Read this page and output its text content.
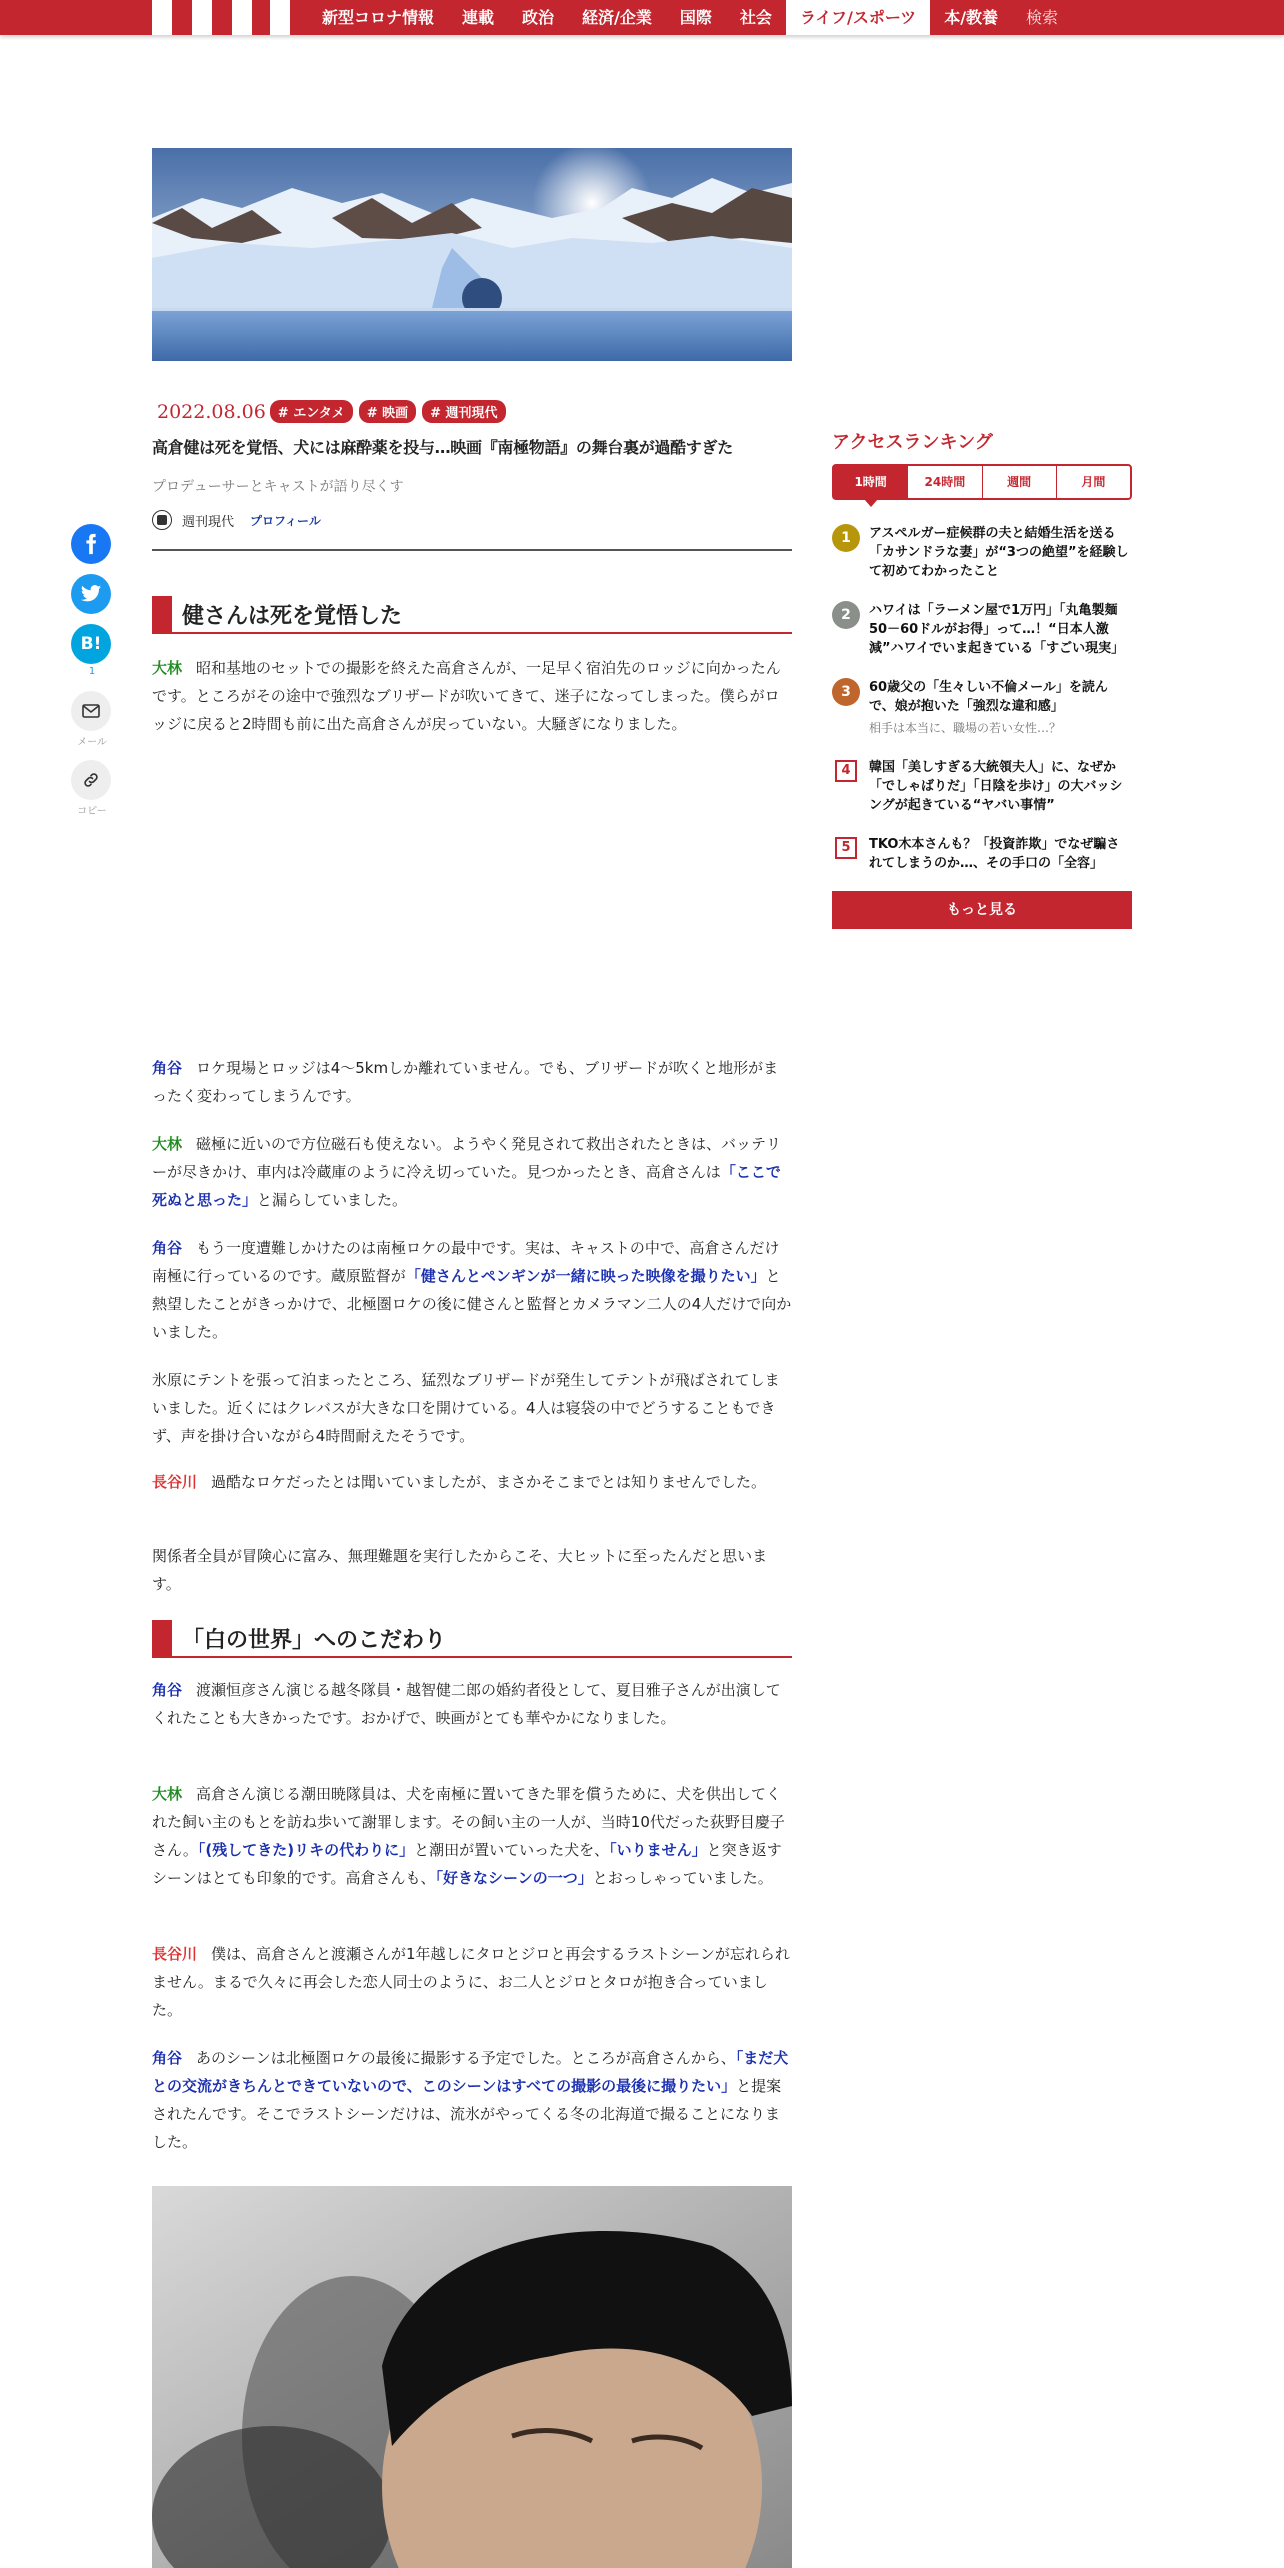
新型コロナ情報	連載	政治	経済/企業	国際	社会	ライフ/スポーツ	本/教養	検索
2022.08.06 # エンタメ	# 映画	# 週刊現代
高倉健は死を覚悟、犬には麻酔薬を投与…映画『南極物語』の舞台裏が過酷すぎた
プロデューサーとキャストが語り尽くす
週刊現代 プロフィール
B!
1
メール
コピー
健さんは死を覚悟した
大林 昭和基地のセットでの撮影を終えた高倉さんが、一足早く宿泊先のロッジに向かったんです。ところがその途中で強烈なブリザードが吹いてきて、迷子になってしまった。僕らがロッジに戻ると2時間も前に出た高倉さんが戻っていない。大騒ぎになりました。
角谷 ロケ現場とロッジは4～5kmしか離れていません。でも、ブリザードが吹くと地形がまったく変わってしまうんです。
大林 磁極に近いので方位磁石も使えない。ようやく発見されて救出されたときは、バッテリーが尽きかけ、車内は冷蔵庫のように冷え切っていた。見つかったとき、高倉さんは「ここで死ぬと思った」と漏らしていました。
角谷 もう一度遭難しかけたのは南極ロケの最中です。実は、キャストの中で、高倉さんだけ南極に行っているのです。蔵原監督が「健さんとペンギンが一緒に映った映像を撮りたい」と熱望したことがきっかけで、北極圏ロケの後に健さんと監督とカメラマン二人の4人だけで向かいました。
氷原にテントを張って泊まったところ、猛烈なブリザードが発生してテントが飛ばされてしまいました。近くにはクレバスが大きな口を開けている。4人は寝袋の中でどうすることもできず、声を掛け合いながら4時間耐えたそうです。
長谷川 過酷なロケだったとは聞いていましたが、まさかそこまでとは知りませんでした。
関係者全員が冒険心に富み、無理難題を実行したからこそ、大ヒットに至ったんだと思います。
「白の世界」へのこだわり
角谷 渡瀬恒彦さん演じる越冬隊員・越智健二郎の婚約者役として、夏目雅子さんが出演してくれたことも大きかったです。おかげで、映画がとても華やかになりました。
大林 高倉さん演じる潮田暁隊員は、犬を南極に置いてきた罪を償うために、犬を供出してくれた飼い主のもとを訪ね歩いて謝罪します。その飼い主の一人が、当時10代だった荻野目慶子さん。「(残してきた)リキの代わりに」と潮田が置いていった犬を、「いりません」と突き返すシーンはとても印象的です。高倉さんも、「好きなシーンの一つ」とおっしゃっていました。
長谷川 僕は、高倉さんと渡瀬さんが1年越しにタロとジロと再会するラストシーンが忘れられません。まるで久々に再会した恋人同士のように、お二人とジロとタロが抱き合っていました。
角谷 あのシーンは北極圏ロケの最後に撮影する予定でした。ところが高倉さんから、「まだ犬との交流がきちんとできていないので、このシーンはすべての撮影の最後に撮りたい」と提案されたんです。そこでラストシーンだけは、流氷がやってくる冬の北海道で撮ることになりました。
アクセスランキング
1時間	24時間	週間	月間
1	アスペルガー症候群の夫と結婚生活を送る「カサンドラな妻」が“3つの絶望”を経験して初めてわかったこと
2	ハワイは「ラーメン屋で1万円」「丸亀製麺50－60ドルがお得」って…！“日本人激減”ハワイでいま起きている「すごい現実」
3	60歳父の「生々しい不倫メール」を読んで、娘が抱いた「強烈な違和感」
相手は本当に、職場の若い女性…？
4	韓国「美しすぎる大統領夫人」に、なぜか「でしゃばりだ」「日陰を歩け」の大バッシングが起きている“ヤバい事情”
5	TKO木本さんも？「投資詐欺」でなぜ騙されてしまうのか…、その手口の「全容」
もっと見る
